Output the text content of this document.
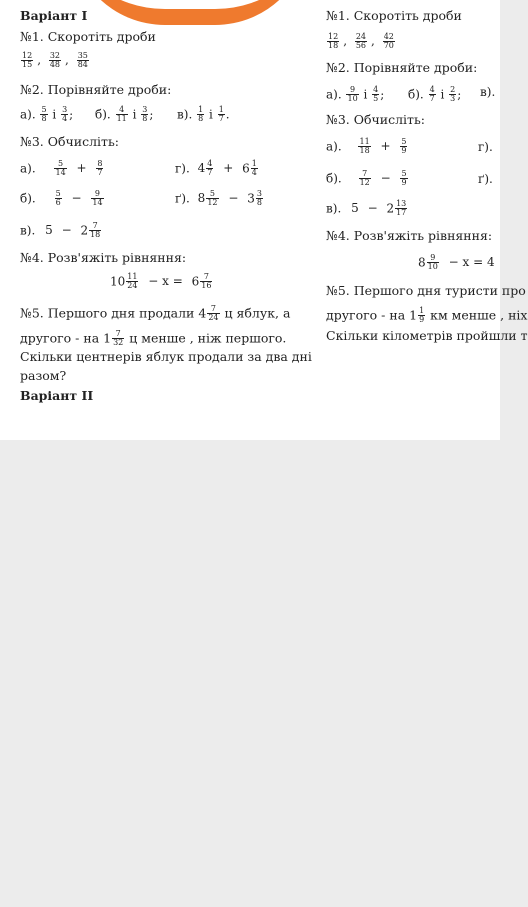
Варіант І
№1. Скоротіть дроби
$\frac{12}{15}$ , $\frac{32}{48}$ , $\frac{35}{84}$
№2. Порівняйте дроби:
а). $\frac{5}{8}$ і $\frac{3}{4}$ ; б). $\frac{4}{11}$ і $\frac{3}{8}$ ; в). $\frac{1}{8}$ і $\frac{1}{7}$ .
№3. Обчисліть:
а). $\frac{5}{14} + \frac{8}{7}$	г). $4 \frac{4}{7} + 6 \frac{1}{4}$
б). $\frac{5}{6} - \frac{9}{14}$	ґ). $8 \frac{5}{12} - 3 \frac{3}{8}$
в). $5 - 2 \frac{7}{18}$
№4. Розв'яжіть рівняння:
$10 \frac{11}{24} - x = 6 \frac{7}{16}$
№5. Першого дня продали $4 \frac{7}{24}$ ц яблук, а
другого - на $1 \frac{7}{32}$ ц менше , ніж першого.
Скільки центнерів яблук продали за два дні
разом?
Варіант ІІ
№1. Скоротіть дроби
$\frac{12}{18}$ , $\frac{24}{56}$ , $\frac{42}{70}$
№2. Порівняйте дроби:
а). $\frac{9}{10}$ і $\frac{4}{5}$ ; б). $\frac{4}{7}$ і $\frac{2}{3}$ ; в).
№3. Обчисліть:
а). $\frac{11}{18} + \frac{5}{9}$	г).
б). $\frac{7}{12} - \frac{5}{9}$	ґ).
в). $5 - 2 \frac{13}{17}$
№4. Розв'яжіть рівняння:
$8 \frac{9}{10} - x = 4$
№5. Першого дня туристи про
другого - на $1 \frac{1}{9}$ км менше , ніх
Скільки кілометрів пройшли т
